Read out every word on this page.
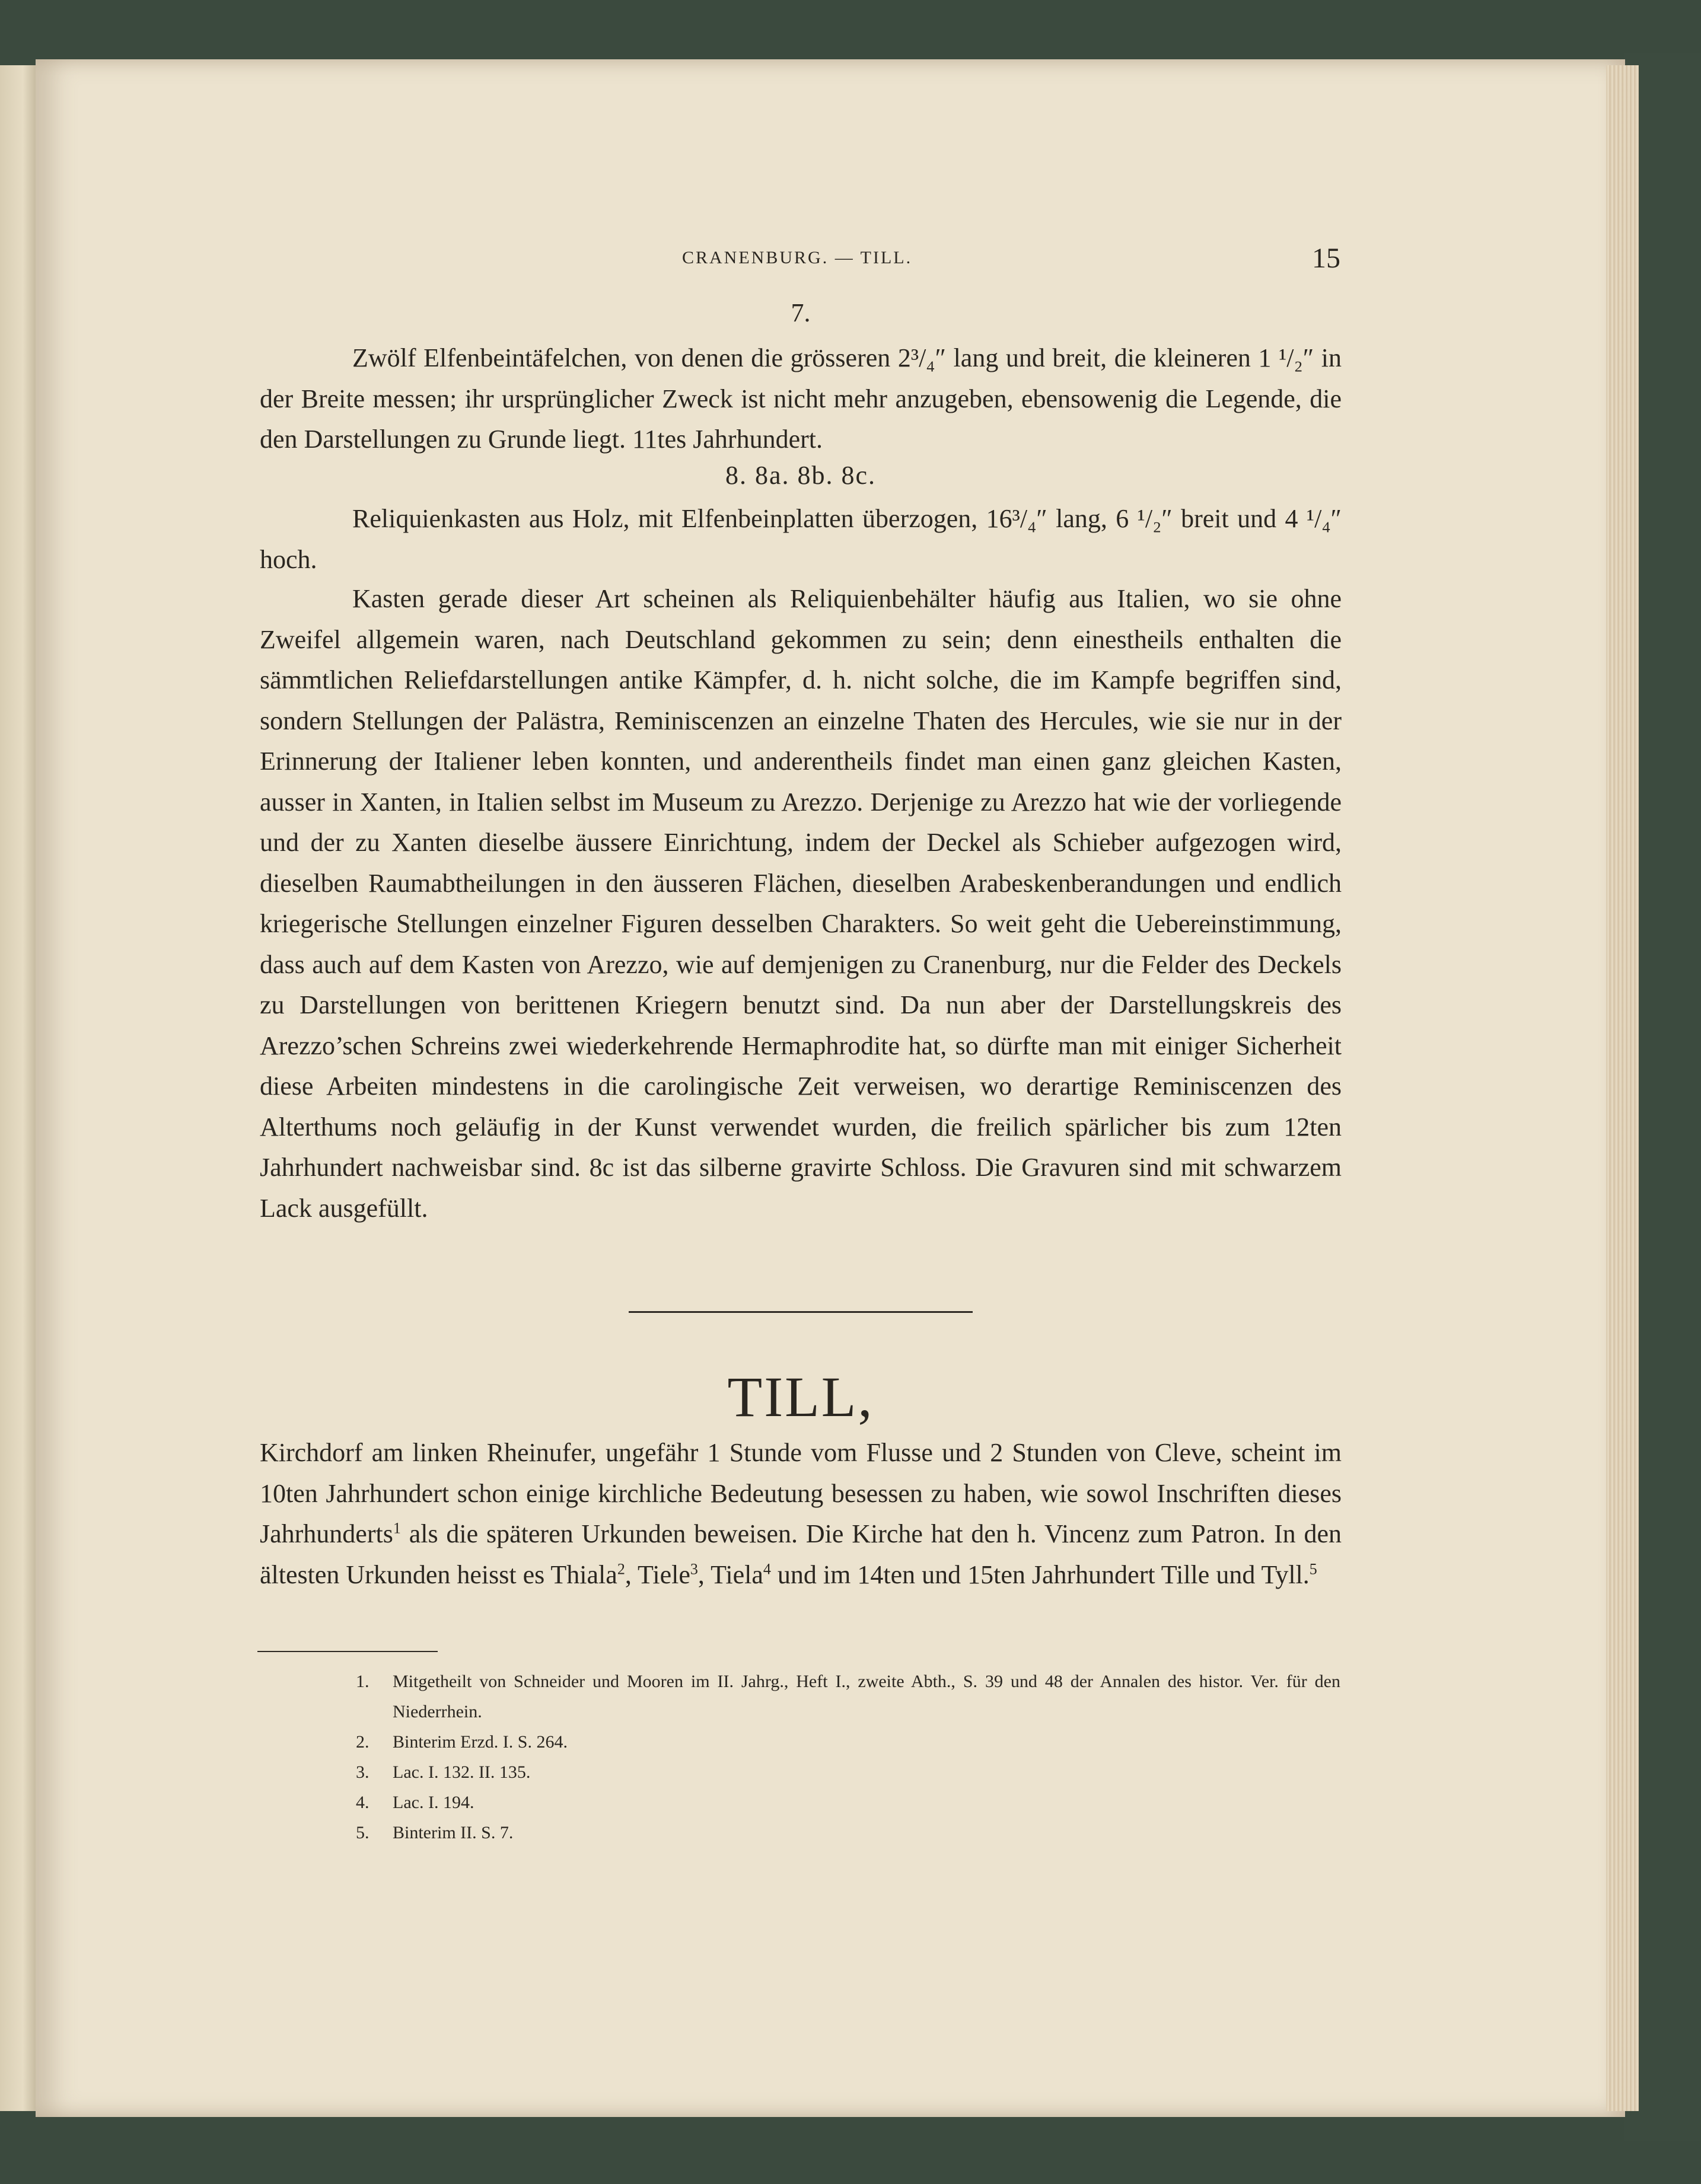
CRANENBURG. — TILL.	15
7.
Zwölf Elfenbeintäfelchen, von denen die grösseren 2³/₄″ lang und breit, die kleineren 1 ¹/₂″ in der Breite messen; ihr ursprünglicher Zweck ist nicht mehr anzugeben, ebensowenig die Legende, die den Darstellungen zu Grunde liegt. 11tes Jahrhundert.
8. 8a. 8b. 8c.
Reliquienkasten aus Holz, mit Elfenbeinplatten überzogen, 16³/₄″ lang, 6 ¹/₂″ breit und 4 ¹/₄″ hoch.
Kasten gerade dieser Art scheinen als Reliquienbehälter häufig aus Italien, wo sie ohne Zweifel allgemein waren, nach Deutschland gekommen zu sein; denn einestheils enthalten die sämmtlichen Reliefdarstellungen antike Kämpfer, d. h. nicht solche, die im Kampfe begriffen sind, sondern Stellungen der Palästra, Reminiscenzen an einzelne Thaten des Hercules, wie sie nur in der Erinnerung der Italiener leben konnten, und anderentheils findet man einen ganz gleichen Kasten, ausser in Xanten, in Italien selbst im Museum zu Arezzo. Derjenige zu Arezzo hat wie der vorliegende und der zu Xanten dieselbe äussere Einrichtung, indem der Deckel als Schieber aufgezogen wird, dieselben Raumabtheilungen in den äusseren Flächen, dieselben Arabeskenberandungen und endlich kriegerische Stellungen einzelner Figuren desselben Charakters. So weit geht die Uebereinstimmung, dass auch auf dem Kasten von Arezzo, wie auf demjenigen zu Cranenburg, nur die Felder des Deckels zu Darstellungen von berittenen Kriegern benutzt sind. Da nun aber der Darstellungskreis des Arezzo’schen Schreins zwei wiederkehrende Hermaphrodite hat, so dürfte man mit einiger Sicherheit diese Arbeiten mindestens in die carolingische Zeit verweisen, wo derartige Reminiscenzen des Alterthums noch geläufig in der Kunst verwendet wurden, die freilich spärlicher bis zum 12ten Jahrhundert nachweisbar sind. 8c ist das silberne gravirte Schloss. Die Gravuren sind mit schwarzem Lack ausgefüllt.
TILL,
Kirchdorf am linken Rheinufer, ungefähr 1 Stunde vom Flusse und 2 Stunden von Cleve, scheint im 10ten Jahrhundert schon einige kirchliche Bedeutung besessen zu haben, wie sowol Inschriften dieses Jahrhunderts$^1$ als die späteren Urkunden beweisen. Die Kirche hat den h. Vincenz zum Patron. In den ältesten Urkunden heisst es Thiala$^2$, Tiele$^3$, Tiela$^4$ und im 14ten und 15ten Jahrhundert Tille und Tyll.$^5$
1.	Mitgetheilt von Schneider und Mooren im II. Jahrg., Heft I., zweite Abth., S. 39 und 48 der Annalen des histor. Ver. für den Niederrhein.
2.	Binterim Erzd. I. S. 264.
3.	Lac. I. 132. II. 135.
4.	Lac. I. 194.
5.	Binterim II. S. 7.
